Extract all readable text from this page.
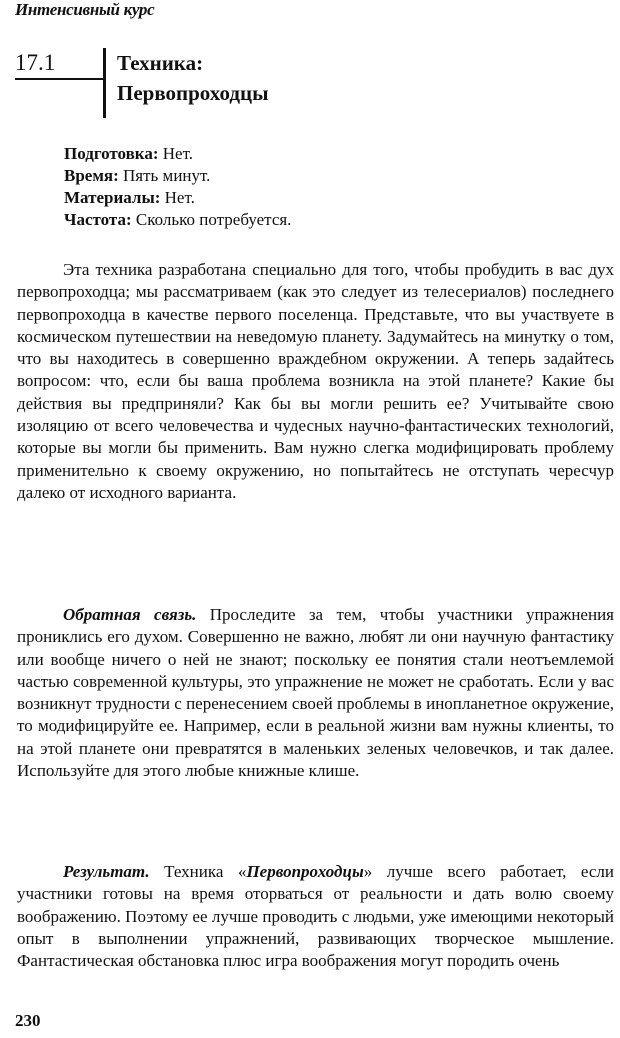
Интенсивный курс
17.1	Техника:
Первопроходцы
Подготовка: Нет.
Время: Пять минут.
Материалы: Нет.
Частота: Сколько потребуется.

Эта техника разработана специально для того, чтобы пробудить в вас дух первопроходца; мы рассматриваем (как это следует из телесериалов) последнего первопроходца в качестве первого поселенца. Представьте, что вы участвуете в космическом путешествии на неведомую планету. Задумайтесь на минутку о том, что вы находитесь в совершенно враждебном окружении. А теперь задайтесь вопросом: что, если бы ваша проблема возникла на этой планете? Какие бы действия вы предприняли? Как бы вы могли решить ее? Учитывайте свою изоляцию от всего человечества и чудесных научно-фантастических технологий, которые вы могли бы применить. Вам нужно слегка модифицировать проблему применительно к своему окружению, но попытайтесь не отступать чересчур далеко от исходного варианта.

Обратная связь. Проследите за тем, чтобы участники упражнения прониклись его духом. Совершенно не важно, любят ли они научную фантастику или вообще ничего о ней не знают; поскольку ее понятия стали неотъемлемой частью современной культуры, это упражнение не может не сработать. Если у вас возникнут трудности с перенесением своей проблемы в инопланетное окружение, то модифицируйте ее. Например, если в реальной жизни вам нужны клиенты, то на этой планете они превратятся в маленьких зеленых человечков, и так далее. Используйте для этого любые книжные клише.

Результат. Техника «Первопроходцы» лучше всего работает, если участники готовы на время оторваться от реальности и дать волю своему воображению. Поэтому ее лучше проводить с людьми, уже имеющими некоторый опыт в выполнении упражнений, развивающих творческое мышление. Фантастическая обстановка плюс игра воображения могут породить очень

230
